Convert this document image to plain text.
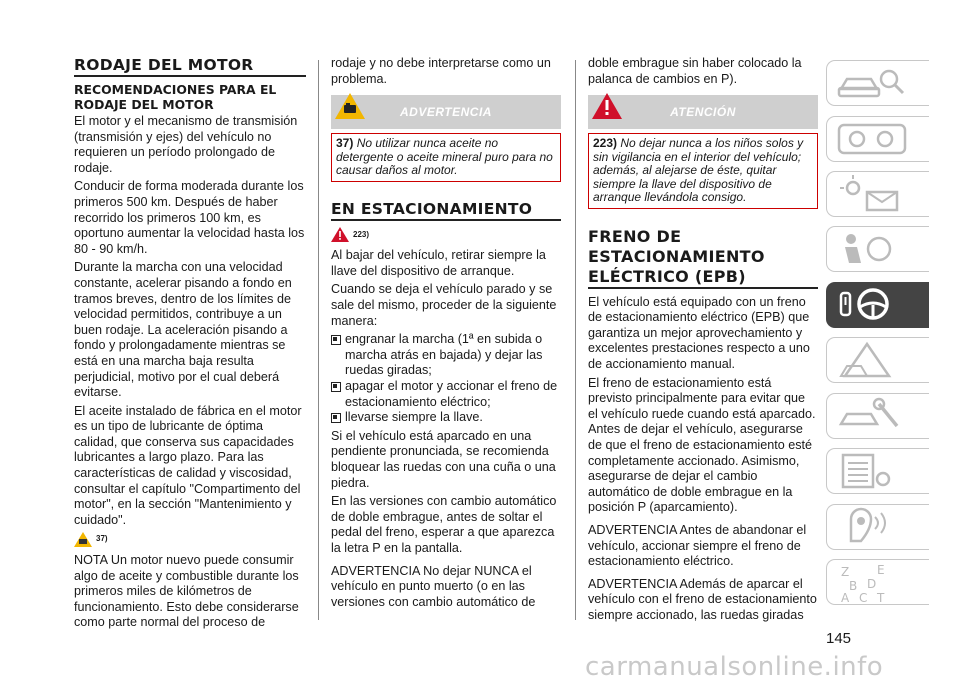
RODAJE DEL MOTOR
RECOMENDACIONES PARA EL RODAJE DEL MOTOR

El motor y el mecanismo de transmisión (transmisión y ejes) del vehículo no requieren un período prolongado de rodaje.

Conducir de forma moderada durante los primeros 500 km. Después de haber recorrido los primeros 100 km, es oportuno aumentar la velocidad hasta los 80 - 90 km/h.

Durante la marcha con una velocidad constante, acelerar pisando a fondo en tramos breves, dentro de los límites de velocidad permitidos, contribuye a un buen rodaje. La aceleración pisando a fondo y prolongadamente mientras se está en una marcha baja resulta perjudicial, motivo por el cual deberá evitarse.

El aceite instalado de fábrica en el motor es un tipo de lubricante de óptima calidad, que conserva sus capacidades lubricantes a largo plazo. Para las características de calidad y viscosidad, consultar el capítulo "Compartimento del motor", en la sección "Mantenimiento y cuidado".

37)

NOTA Un motor nuevo puede consumir algo de aceite y combustible durante los primeros miles de kilómetros de funcionamiento. Esto debe considerarse como parte normal del proceso de

rodaje y no debe interpretarse como un problema.

ADVERTENCIA
37) No utilizar nunca aceite no detergente o aceite mineral puro para no causar daños al motor.
EN ESTACIONAMIENTO
223)

Al bajar del vehículo, retirar siempre la llave del dispositivo de arranque.

Cuando se deja el vehículo parado y se sale del mismo, proceder de la siguiente manera:

engranar la marcha (1ª en subida o marcha atrás en bajada) y dejar las ruedas giradas;
apagar el motor y accionar el freno de estacionamiento eléctrico;
llevarse siempre la llave.

Si el vehículo está aparcado en una pendiente pronunciada, se recomienda bloquear las ruedas con una cuña o una piedra.

En las versiones con cambio automático de doble embrague, antes de soltar el pedal del freno, esperar a que aparezca la letra P en la pantalla.

ADVERTENCIA No dejar NUNCA el vehículo en punto muerto (o en las versiones con cambio automático de

doble embrague sin haber colocado la palanca de cambios en P).

ATENCIÓN
223) No dejar nunca a los niños solos y sin vigilancia en el interior del vehículo; además, al alejarse de éste, quitar siempre la llave del dispositivo de arranque llevándola consigo.
FRENO DE ESTACIONAMIENTO ELÉCTRICO (EPB)

El vehículo está equipado con un freno de estacionamiento eléctrico (EPB) que garantiza un mejor aprovechamiento y excelentes prestaciones respecto a uno de accionamiento manual.

El freno de estacionamiento está previsto principalmente para evitar que el vehículo ruede cuando está aparcado. Antes de dejar el vehículo, asegurarse de que el freno de estacionamiento esté completamente accionado. Asimismo, asegurarse de dejar el cambio automático de doble embrague en la posición P (aparcamiento).

ADVERTENCIA Antes de abandonar el vehículo, accionar siempre el freno de estacionamiento eléctrico.

ADVERTENCIA Además de aparcar el vehículo con el freno de estacionamiento siempre accionado, las ruedas giradas

Z E
B D
A C T
145
carmanualsonline.info
